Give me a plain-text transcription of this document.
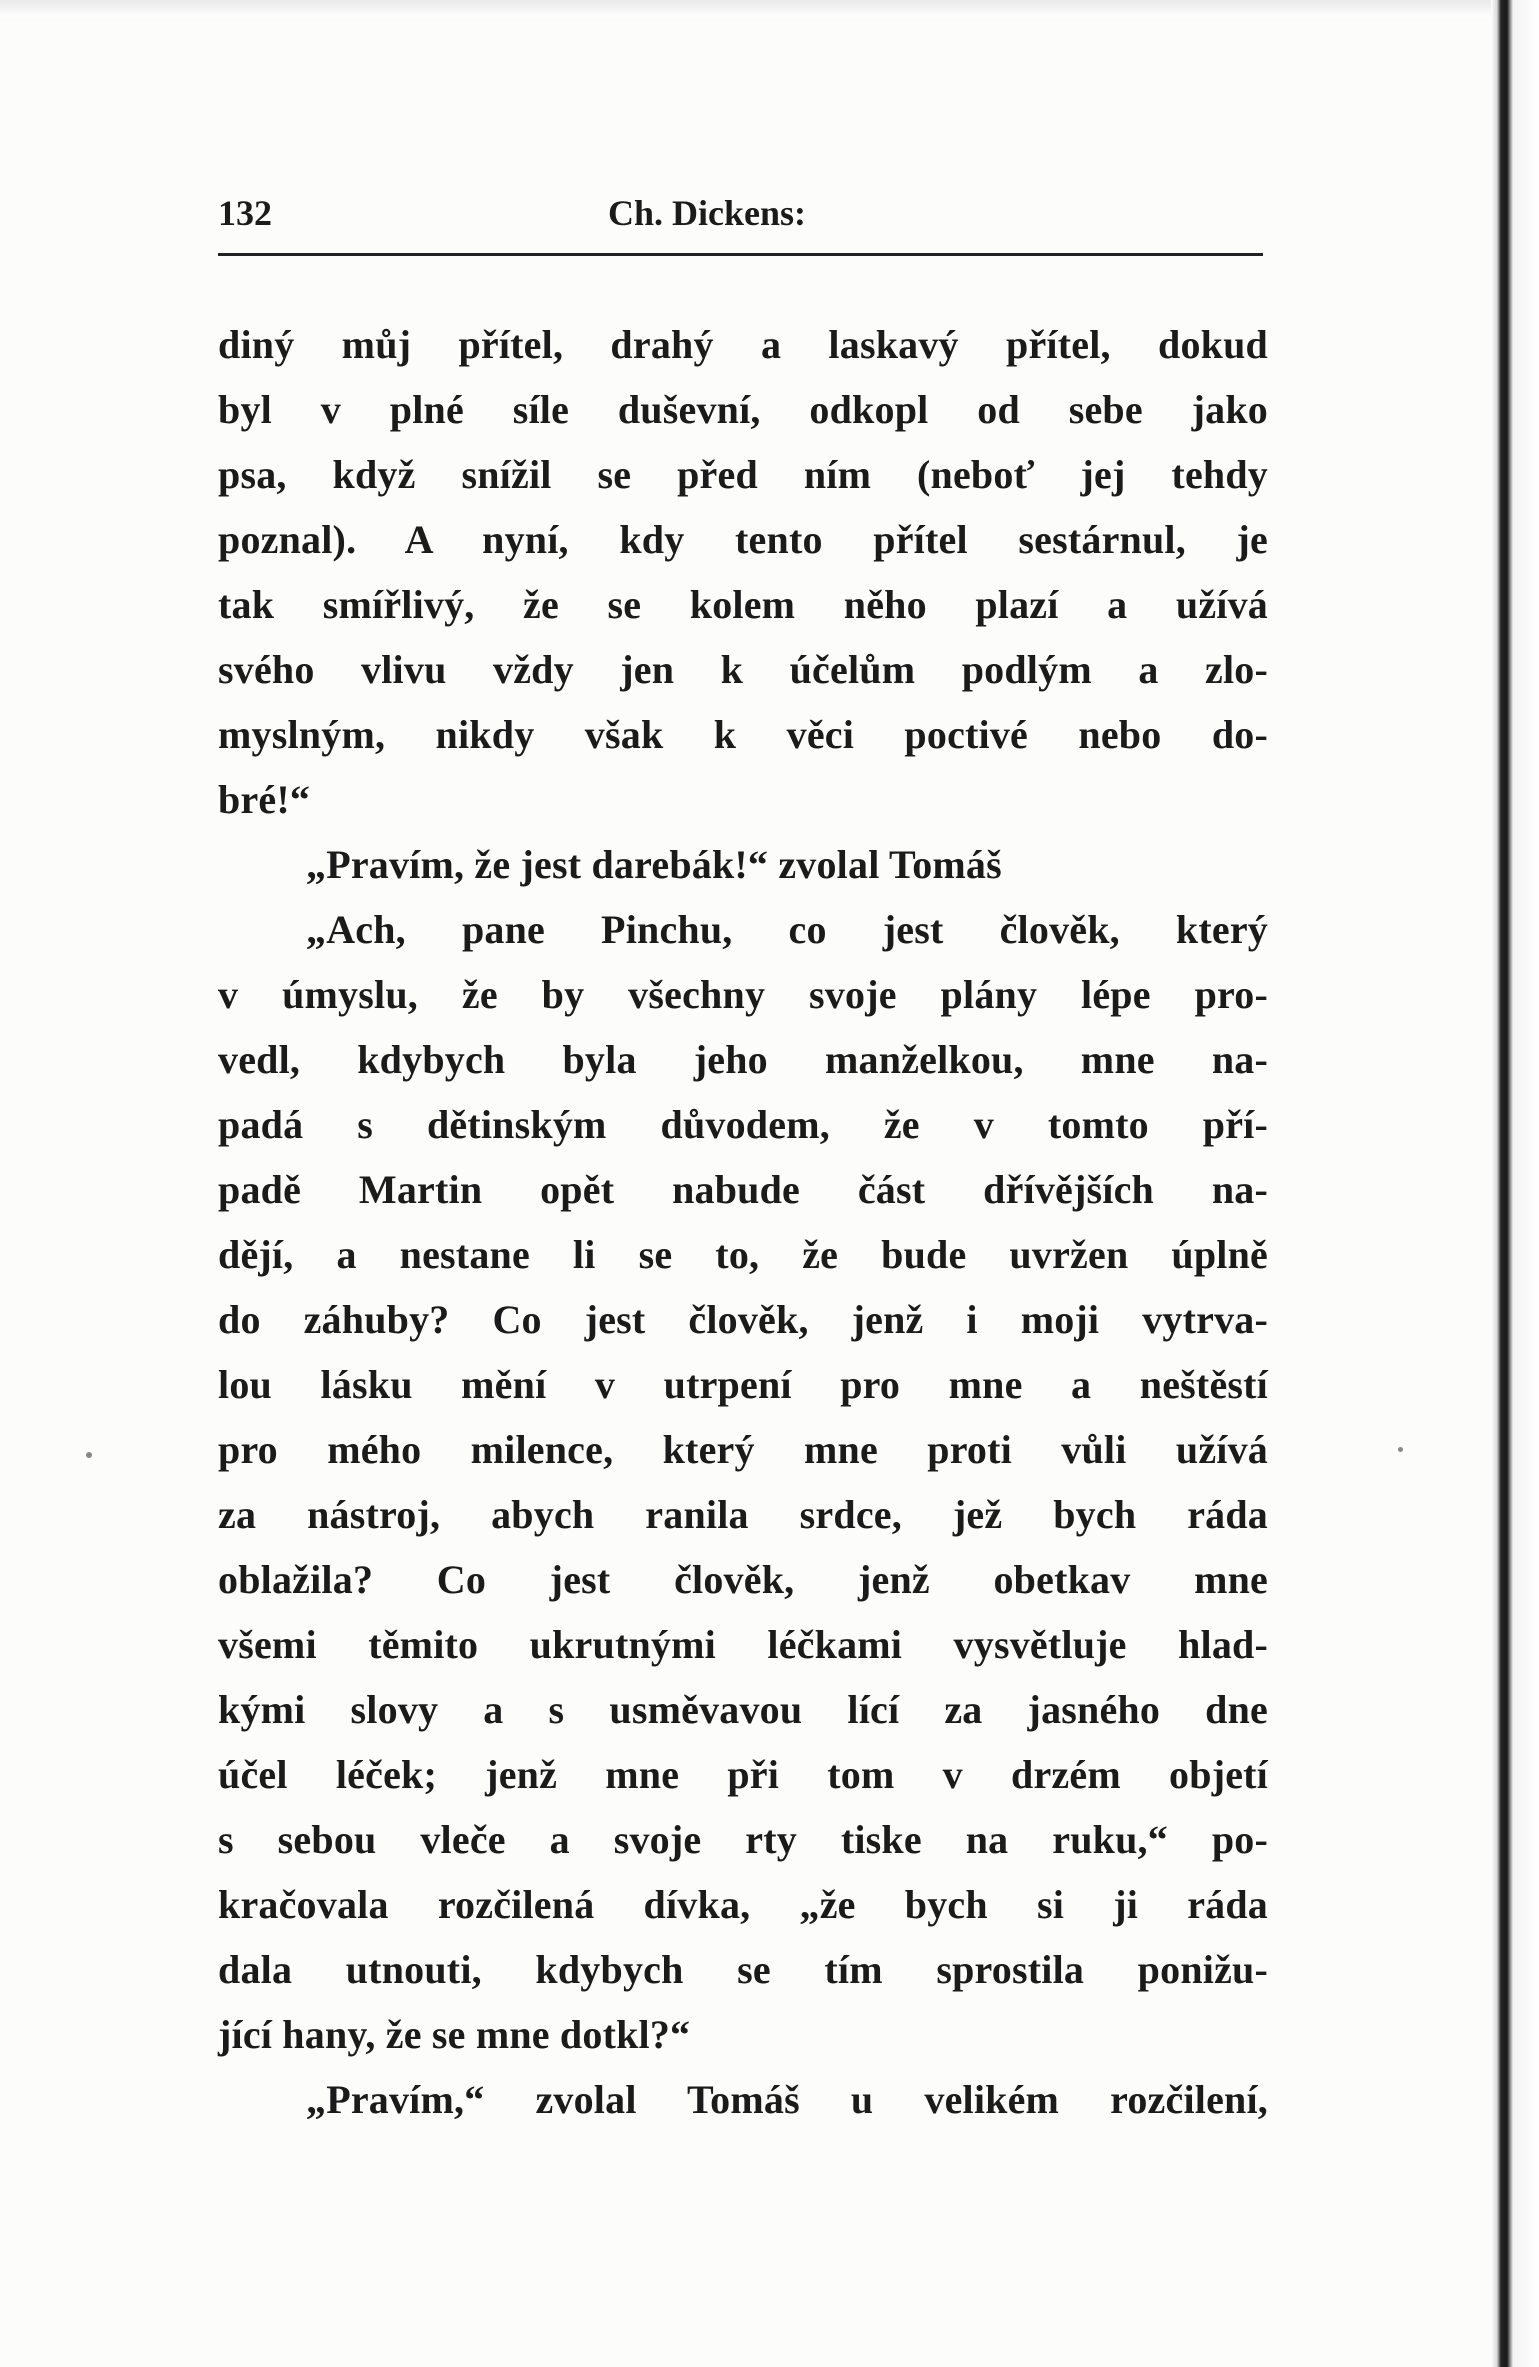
132	Ch. Dickens:
diný můj přítel, drahý a laskavý přítel, dokud
byl v plné síle duševní, odkopl od sebe jako
psa, když snížil se před ním (neboť jej tehdy
poznal). A nyní, kdy tento přítel sestárnul, je
tak smířlivý, že se kolem něho plazí a užívá
svého vlivu vždy jen k účelům podlým a zlo-
myslným, nikdy však k věci poctivé nebo do-
bré!“
„Pravím, že jest darebák!“ zvolal Tomáš
„Ach, pane Pinchu, co jest člověk, který
v úmyslu, že by všechny svoje plány lépe pro-
vedl, kdybych byla jeho manželkou, mne na-
padá s dětinským důvodem, že v tomto pří-
padě Martin opět nabude část dřívějších na-
dějí, a nestane li se to, že bude uvržen úplně
do záhuby? Co jest člověk, jenž i moji vytrva-
lou lásku mění v utrpení pro mne a neštěstí
pro mého milence, který mne proti vůli užívá
za nástroj, abych ranila srdce, jež bych ráda
oblažila? Co jest člověk, jenž obetkav mne
všemi těmito ukrutnými léčkami vysvětluje hlad-
kými slovy a s usměvavou lící za jasného dne
účel léček; jenž mne při tom v drzém objetí
s sebou vleče a svoje rty tiske na ruku,“ po-
kračovala rozčilená dívka, „že bych si ji ráda
dala utnouti, kdybych se tím sprostila ponižu-
jící hany, že se mne dotkl?“
„Pravím,“ zvolal Tomáš u velikém rozčilení,
